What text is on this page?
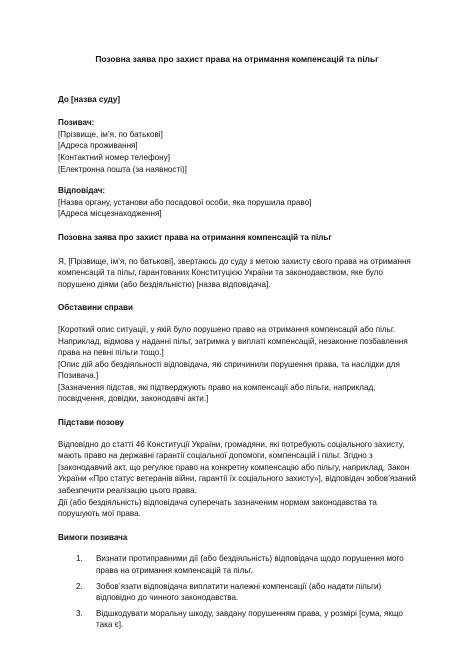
Позовна заява про захист права на отримання компенсацій та пільг
До [назва суду]
Позивач:
[Прізвище, ім’я, по батькові]
[Адреса проживання]
[Контактний номер телефону]
[Електронна пошта (за наявності)]
Відповідач:
[Назва органу, установи або посадової особи, яка порушила право]
[Адреса місцезнаходження]
Позовна заява про захист права на отримання компенсацій та пільг

Я, [Прізвище, ім’я, по батькові], звертаюсь до суду з метою захисту свого права на отримання компенсацій та пільг, гарантованих Конституцією України та законодавством, яке було порушено діями (або бездіяльністю) [назва відповідача].

Обставини справи

[Короткий опис ситуації, у якій було порушено право на отримання компенсацій або пільг. Наприклад, відмова у наданні пільг, затримка у виплаті компенсацій, незаконне позбавлення права на певні пільги тощо.]

[Опис дій або бездіяльності відповідача, які спричинили порушення права, та наслідки для Позивача.]

[Зазначення підстав, які підтверджують право на компенсації або пільги, наприклад, посвідчення, довідки, законодавчі акти.]

Підстави позову

Відповідно до статті 46 Конституції України, громадяни, які потребують соціального захисту, мають право на державні гарантії соціальної допомоги, компенсацій і пільг. Згідно з [законодавчий акт, що регулює право на конкретну компенсацію або пільгу, наприклад, Закон України «Про статус ветеранів війни, гарантії їх соціального захисту»], відповідач зобов’язаний забезпечити реалізацію цього права.

Дії (або бездіяльність) відповідача суперечать зазначеним нормам законодавства та порушують мої права.

Вимоги позивача
1. Визнати протиправними дії (або бездіяльність) відповідача щодо порушення мого права на отримання компенсацій та пільг.
2. Зобов’язати відповідача виплатити належні компенсації (або надати пільги) відповідно до чинного законодавства.
3. Відшкодувати моральну шкоду, завдану порушенням права, у розмірі [сума, якщо така є].
